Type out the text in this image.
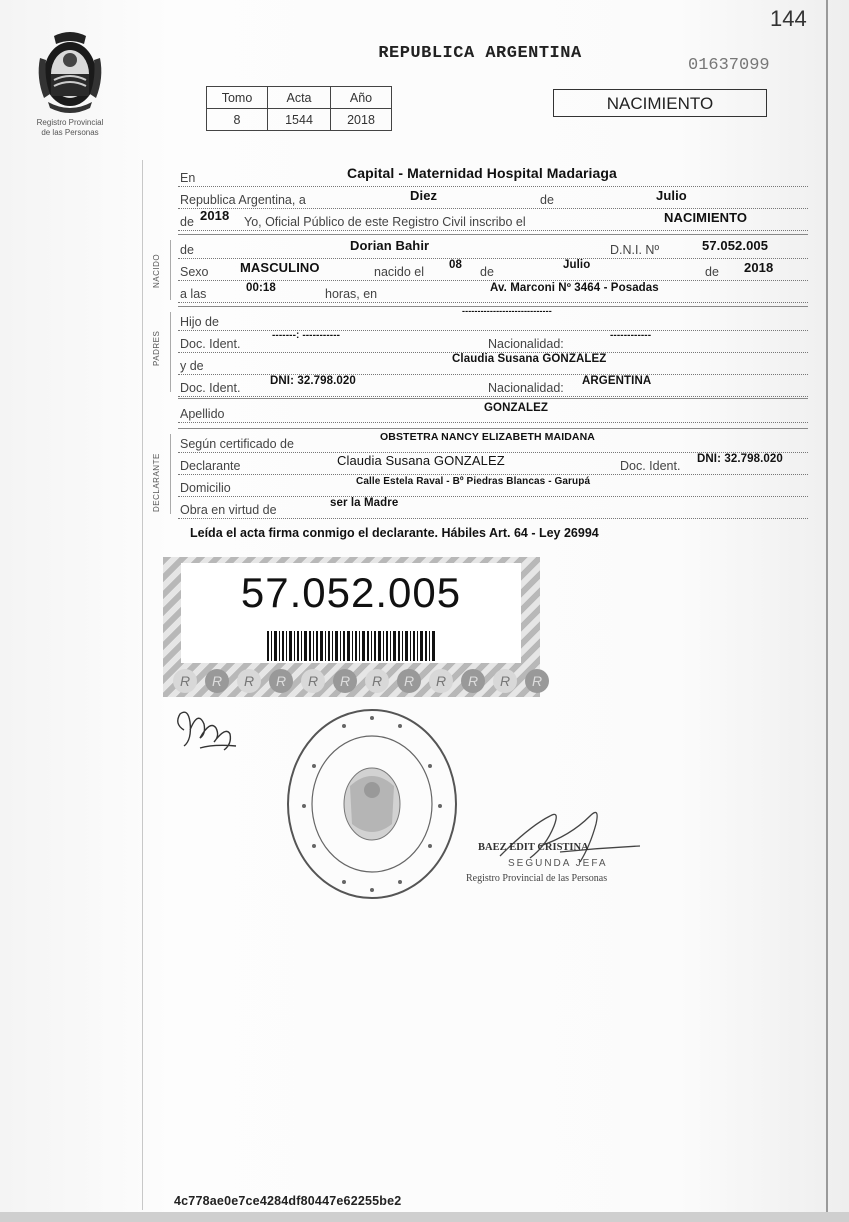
144
Registro Provincial
de las Personas
REPUBLICA ARGENTINA
01637099
Tomo	Acta	Año
8	1544	2018
NACIMIENTO
En	Capital - Maternidad Hospital Madariaga
Republica Argentina, a	Diez	de	Julio
de 2018 Yo, Oficial Público de este Registro Civil inscribo el	NACIMIENTO
NACIDO
de	Dorian Bahir	D.N.I. Nº	57.052.005
Sexo MASCULINO	nacido el 08 de	Julio	de 2018
a las	00:18	horas, en	Av. Marconi Nº 3464 - Posadas
PADRES
Hijo de
-----------------------------
Doc. Ident.
-------: -----------
Nacionalidad:
------------
y de	Claudia Susana GONZALEZ
Doc. Ident.	DNI: 32.798.020	Nacionalidad: ARGENTINA
Apellido	GONZALEZ
DECLARANTE
Según certificado de	OBSTETRA NANCY ELIZABETH MAIDANA
Declarante	Claudia Susana GONZALEZ	Doc. Ident. DNI: 32.798.020
Domicilio	Calle Estela Raval - Bº Piedras Blancas - Garupá
Obra en virtud de	ser la Madre
Leída el acta firma conmigo el declarante. Hábiles Art. 64 - Ley 26994
57.052.005
R	R	R	R	R	R	R	R	R	R	R	R
BAEZ EDIT CRISTINA
SEGUNDA JEFA
Registro Provincial de las Personas
4c778ae0e7ce4284df80447e62255be2
